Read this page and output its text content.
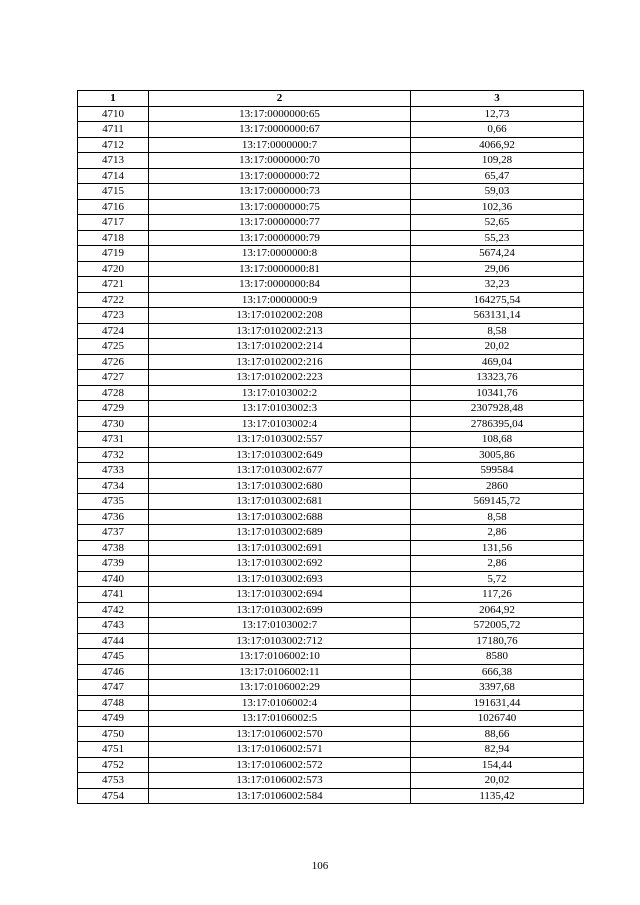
1	2	3
4710	13:17:0000000:65	12,73
4711	13:17:0000000:67	0,66
4712	13:17:0000000:7	4066,92
4713	13:17:0000000:70	109,28
4714	13:17:0000000:72	65,47
4715	13:17:0000000:73	59,03
4716	13:17:0000000:75	102,36
4717	13:17:0000000:77	52,65
4718	13:17:0000000:79	55,23
4719	13:17:0000000:8	5674,24
4720	13:17:0000000:81	29,06
4721	13:17:0000000:84	32,23
4722	13:17:0000000:9	164275,54
4723	13:17:0102002:208	563131,14
4724	13:17:0102002:213	8,58
4725	13:17:0102002:214	20,02
4726	13:17:0102002:216	469,04
4727	13:17:0102002:223	13323,76
4728	13:17:0103002:2	10341,76
4729	13:17:0103002:3	2307928,48
4730	13:17:0103002:4	2786395,04
4731	13:17:0103002:557	108,68
4732	13:17:0103002:649	3005,86
4733	13:17:0103002:677	599584
4734	13:17:0103002:680	2860
4735	13:17:0103002:681	569145,72
4736	13:17:0103002:688	8,58
4737	13:17:0103002:689	2,86
4738	13:17:0103002:691	131,56
4739	13:17:0103002:692	2,86
4740	13:17:0103002:693	5,72
4741	13:17:0103002:694	117,26
4742	13:17:0103002:699	2064,92
4743	13:17:0103002:7	572005,72
4744	13:17:0103002:712	17180,76
4745	13:17:0106002:10	8580
4746	13:17:0106002:11	666,38
4747	13:17:0106002:29	3397,68
4748	13:17:0106002:4	191631,44
4749	13:17:0106002:5	1026740
4750	13:17:0106002:570	88,66
4751	13:17:0106002:571	82,94
4752	13:17:0106002:572	154,44
4753	13:17:0106002:573	20,02
4754	13:17:0106002:584	1135,42
106
